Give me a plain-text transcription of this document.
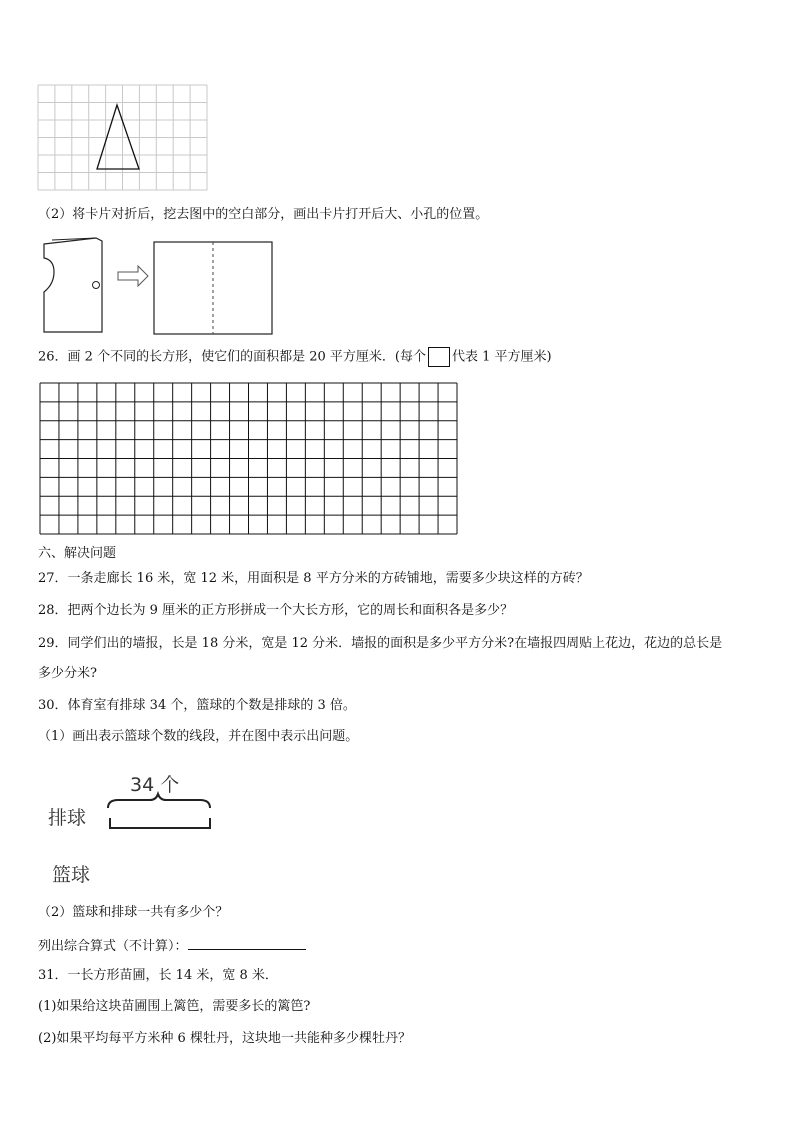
（2）将卡片对折后，挖去图中的空白部分，画出卡片打开后大、小孔的位置。
26．画 2 个不同的长方形，使它们的面积都是 20 平方厘米．(每个 代表 1 平方厘米)
六、解决问题
27．一条走廊长 16 米，宽 12 米，用面积是 8 平方分米的方砖铺地，需要多少块这样的方砖？
28．把两个边长为 9 厘米的正方形拼成一个大长方形，它的周长和面积各是多少？
29．同学们出的墙报，长是 18 分米，宽是 12 分米．墙报的面积是多少平方分米?在墙报四周贴上花边，花边的总长是
多少分米?
30．体育室有排球 34 个，篮球的个数是排球的 3 倍。
（1）画出表示篮球个数的线段，并在图中表示出问题。
34 个
排球
篮球
（2）篮球和排球一共有多少个？
列出综合算式（不计算）：
31．一长方形苗圃，长 14 米，宽 8 米．
(1)如果给这块苗圃围上篱笆，需要多长的篱笆?
(2)如果平均每平方米种 6 棵牡丹，这块地一共能种多少棵牡丹？
